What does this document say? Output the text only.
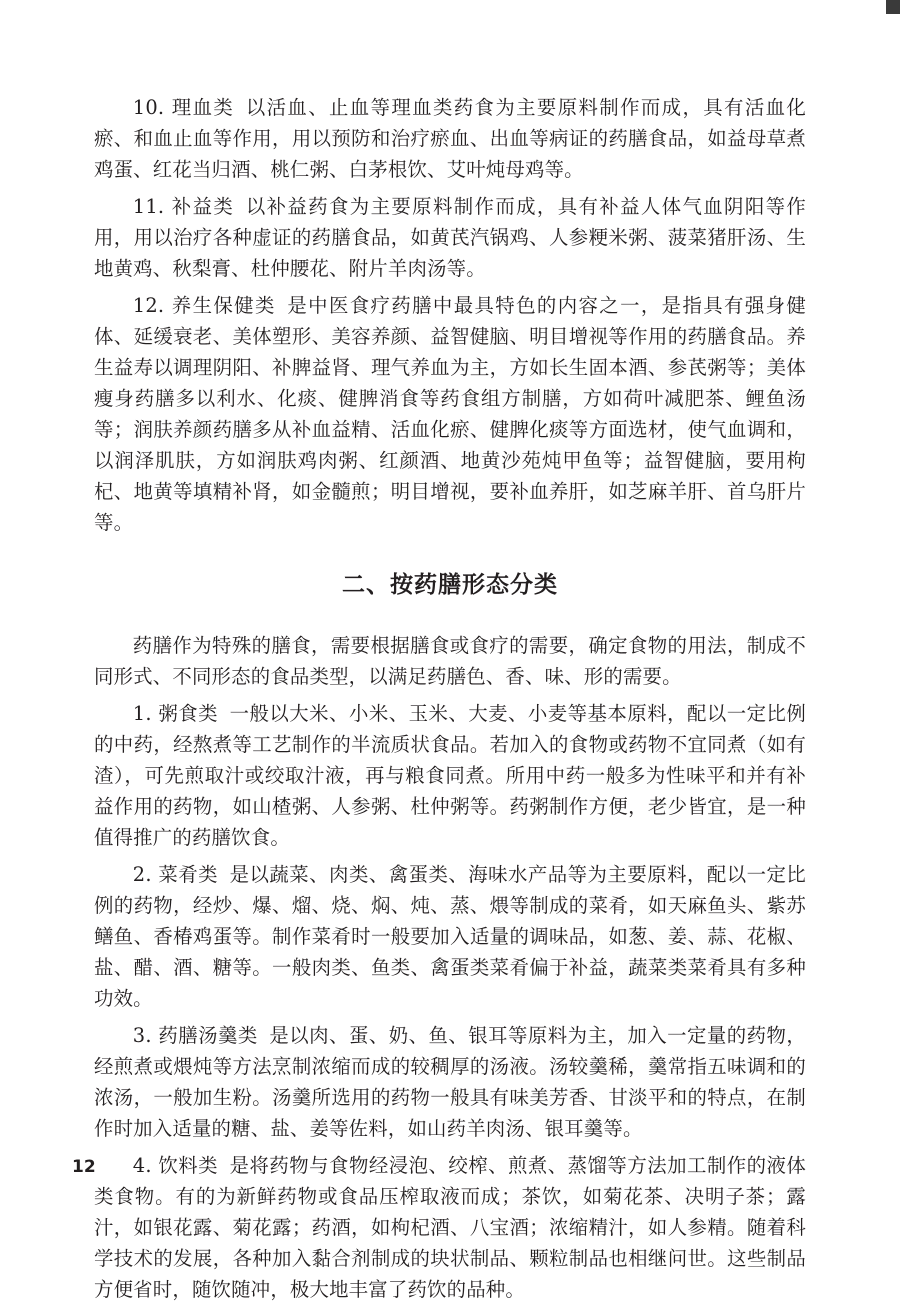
10. 理血类 以活血、止血等理血类药食为主要原料制作而成，具有活血化瘀、和血止血等作用，用以预防和治疗瘀血、出血等病证的药膳食品，如益母草煮鸡蛋、红花当归酒、桃仁粥、白茅根饮、艾叶炖母鸡等。

11. 补益类 以补益药食为主要原料制作而成，具有补益人体气血阴阳等作用，用以治疗各种虚证的药膳食品，如黄芪汽锅鸡、人参粳米粥、菠菜猪肝汤、生地黄鸡、秋梨膏、杜仲腰花、附片羊肉汤等。

12. 养生保健类 是中医食疗药膳中最具特色的内容之一，是指具有强身健体、延缓衰老、美体塑形、美容养颜、益智健脑、明目增视等作用的药膳食品。养生益寿以调理阴阳、补脾益肾、理气养血为主，方如长生固本酒、参芪粥等；美体瘦身药膳多以利水、化痰、健脾消食等药食组方制膳，方如荷叶减肥茶、鲤鱼汤等；润肤养颜药膳多从补血益精、活血化瘀、健脾化痰等方面选材，使气血调和，以润泽肌肤，方如润肤鸡肉粥、红颜酒、地黄沙苑炖甲鱼等；益智健脑，要用枸杞、地黄等填精补肾，如金髓煎；明目增视，要补血养肝，如芝麻羊肝、首乌肝片等。

二、按药膳形态分类

药膳作为特殊的膳食，需要根据膳食或食疗的需要，确定食物的用法，制成不同形式、不同形态的食品类型，以满足药膳色、香、味、形的需要。

1. 粥食类 一般以大米、小米、玉米、大麦、小麦等基本原料，配以一定比例的中药，经熬煮等工艺制作的半流质状食品。若加入的食物或药物不宜同煮（如有渣），可先煎取汁或绞取汁液，再与粮食同煮。所用中药一般多为性味平和并有补益作用的药物，如山楂粥、人参粥、杜仲粥等。药粥制作方便，老少皆宜，是一种值得推广的药膳饮食。

2. 菜肴类 是以蔬菜、肉类、禽蛋类、海味水产品等为主要原料，配以一定比例的药物，经炒、爆、熘、烧、焖、炖、蒸、煨等制成的菜肴，如天麻鱼头、紫苏鳝鱼、香椿鸡蛋等。制作菜肴时一般要加入适量的调味品，如葱、姜、蒜、花椒、盐、醋、酒、糖等。一般肉类、鱼类、禽蛋类菜肴偏于补益，蔬菜类菜肴具有多种功效。

3. 药膳汤羹类 是以肉、蛋、奶、鱼、银耳等原料为主，加入一定量的药物，经煎煮或煨炖等方法烹制浓缩而成的较稠厚的汤液。汤较羹稀，羹常指五味调和的浓汤，一般加生粉。汤羹所选用的药物一般具有味美芳香、甘淡平和的特点，在制作时加入适量的糖、盐、姜等佐料，如山药羊肉汤、银耳羹等。

4. 饮料类 是将药物与食物经浸泡、绞榨、煎煮、蒸馏等方法加工制作的液体类食物。有的为新鲜药物或食品压榨取液而成；茶饮，如菊花茶、决明子茶；露汁，如银花露、菊花露；药酒，如枸杞酒、八宝酒；浓缩精汁，如人参精。随着科学技术的发展，各种加入黏合剂制成的块状制品、颗粒制品也相继问世。这些制品方便省时，随饮随冲，极大地丰富了药饮的品种。

12
